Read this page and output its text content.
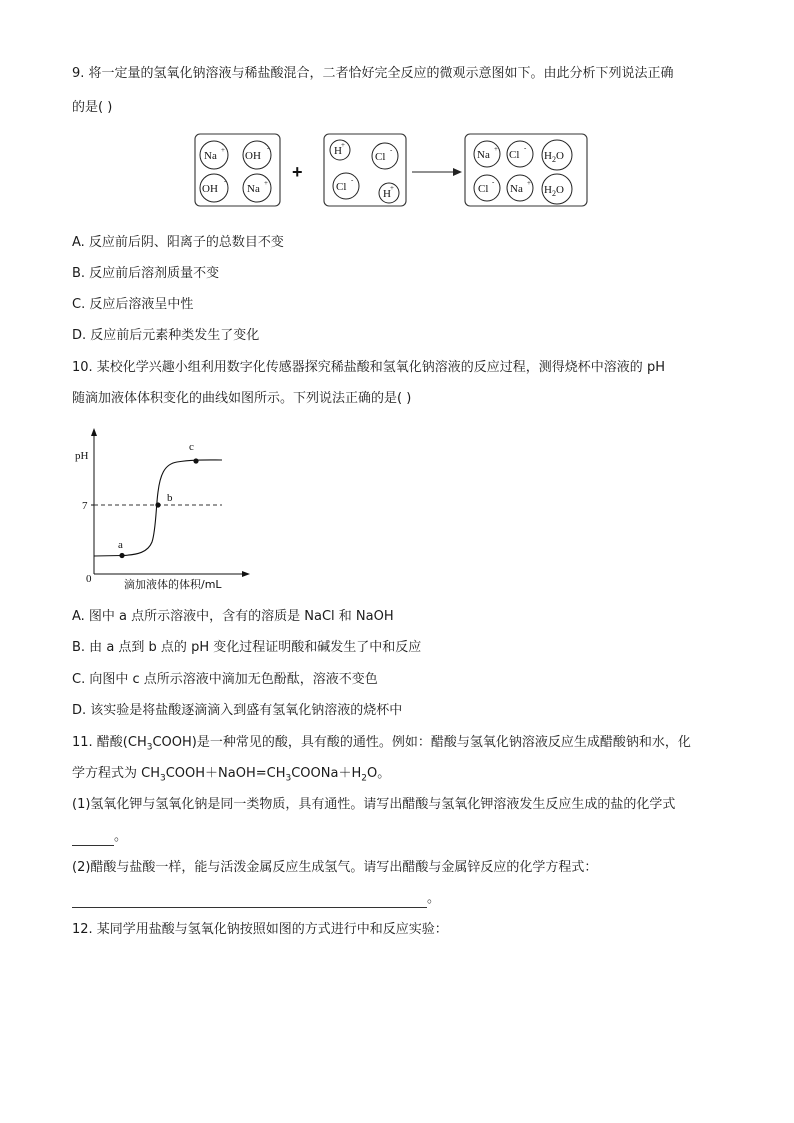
9. 将一定量的氢氧化钠溶液与稀盐酸混合，二者恰好完全反应的微观示意图如下。由此分析下列说法正确
的是( )
Na + OH
-
OH
-
Na +
+
H +
Cl
-
Cl
-
H +
Na + Cl
-
$H_2O$
Cl
-
Na +
$H_2O$
A. 反应前后阴、阳离子的总数目不变
B. 反应前后溶剂质量不变
C. 反应后溶液呈中性
D. 反应前后元素种类发生了变化
10. 某校化学兴趣小组利用数字化传感器探究稀盐酸和氢氧化钠溶液的反应过程，测得烧杯中溶液的 pH
随滴加液体体积变化的曲线如图所示。下列说法正确的是( )
pH
7
0	滴加液体的体积/mL
a
b
c
A. 图中 a 点所示溶液中，含有的溶质是 NaCl 和 NaOH
B. 由 a 点到 b 点的 pH 变化过程证明酸和碱发生了中和反应
C. 向图中 c 点所示溶液中滴加无色酚酞，溶液不变色
D. 该实验是将盐酸逐滴滴入到盛有氢氧化钠溶液的烧杯中
11. 醋酸$(CH_3COOH)$是一种常见的酸，具有酸的通性。例如：醋酸与氢氧化钠溶液反应生成醋酸钠和水，化
学方程式为 $CH_3COOH+NaOH=CH_3COONa+H_2O$。
(1)氢氧化钾与氢氧化钠是同一类物质，具有通性。请写出醋酸与氢氧化钾溶液发生反应生成的盐的化学式
。
(2)醋酸与盐酸一样，能与活泼金属反应生成氢气。请写出醋酸与金属锌反应的化学方程式：
。
12. 某同学用盐酸与氢氧化钠按照如图的方式进行中和反应实验：
